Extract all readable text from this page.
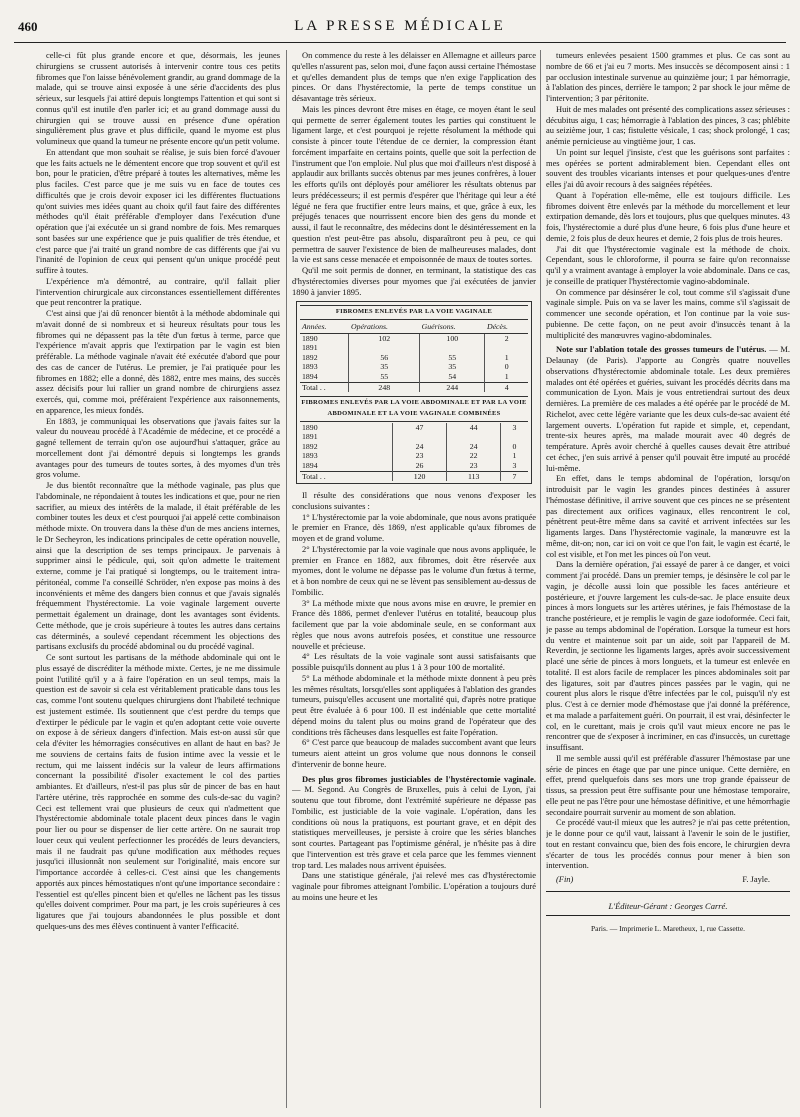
460	LA PRESSE MÉDICALE

celle-ci fût plus grande encore et que, désormais, les jeunes chirurgiens se crussent autorisés à intervenir contre tous ces petits fibromes que l'on laisse bénévolement grandir, au grand dommage de la malade, qui se trouve ainsi exposée à une série d'accidents des plus sérieux, sur lesquels j'ai attiré depuis longtemps l'attention et qui sont si connus qu'il est inutile d'en parler ici; et au grand dommage aussi du chirurgien qui se trouve aussi en présence d'une opération singulièrement plus grave et plus difficile, quand le myome est plus volumineux que quand la tumeur ne présente encore qu'un petit volume.

En attendant que mon souhait se réalise, je suis bien forcé d'avouer que les faits actuels ne le démentent encore que trop souvent et qu'il est bon, pour le praticien, d'être préparé à toutes les alternatives, même les plus faciles. C'est parce que je me suis vu en face de toutes ces difficultés que je crois devoir exposer ici les différentes fluctuations qu'ont suivies mes idées quant au choix qu'il faut faire des différentes méthodes qu'il était préférable d'employer dans l'exécution d'une opération que j'ai exécutée un si grand nombre de fois. Mes remarques sont basées sur une expérience que je puis qualifier de très étendue, et c'est parce que j'ai traité un grand nombre de cas différents que j'ai vu l'inanité de l'opinion de ceux qui pensent qu'un unique procédé peut suffire à toutes.

L'expérience m'a démontré, au contraire, qu'il fallait plier l'intervention chirurgicale aux circonstances essentiellement différentes que peut rencontrer la pratique.

C'est ainsi que j'ai dû renoncer bientôt à la méthode abdominale qui m'avait donné de si nombreux et si heureux résultats pour tous les fibromes qui ne dépassent pas la tête d'un fœtus à terme, parce que l'expérience m'avait appris que l'extirpation par le vagin est bien préférable. La méthode vaginale n'avait été exécutée d'abord que pour des cas de cancer de l'utérus. Le premier, je l'ai pratiquée pour les fibromes en 1882; elle a donné, dès 1882, entre mes mains, des succès assez décisifs pour lui rallier un grand nombre de chirurgiens assez exercés, qui, comme moi, préféraient l'expérience aux raisonnements, en apparence, les mieux fondés.

En 1883, je communiquai les observations que j'avais faites sur la valeur du nouveau procédé à l'Académie de médecine, et ce procédé a gagné tellement de terrain qu'on ose aujourd'hui s'attaquer, grâce au morcellement dont j'ai démontré depuis si longtemps les grands avantages pour des tumeurs de toutes sortes, à des myomes d'un très gros volume.

Je dus bientôt reconnaître que la méthode vaginale, pas plus que l'abdominale, ne répondaient à toutes les indications et que, pour ne rien sacrifier, au mieux des intérêts de la malade, il était préférable de les combiner toutes les deux et c'est pourquoi j'ai appelé cette combinaison méthode mixte. On trouvera dans la thèse d'un de mes anciens internes, le Dr Secheyron, les indications principales de cette opération nouvelle, ainsi que la description de ses temps principaux. Je parvenais à supprimer ainsi le pédicule, qui, soit qu'on admette le traitement externe, comme je l'ai pratiqué si longtemps, ou le traitement intra-péritonéal, comme l'a conseillé Schröder, n'en expose pas moins à des inconvénients et même des dangers bien connus et que j'avais signalés fréquemment l'hystérectomie. La voie vaginale largement ouverte permettait également un drainage, dont les avantages sont évidents. Cette méthode, que je crois supérieure à toutes les autres dans certains cas déterminés, a soulevé cependant récemment les objections des partisans exclusifs du procédé abdominal ou du procédé vaginal.

Ce sont surtout les partisans de la méthode abdominale qui ont le plus essayé de discréditer la méthode mixte. Certes, je ne me dissimule point l'utilité qu'il y a à faire l'opération en un seul temps, mais la question est de savoir si cela est véritablement praticable dans tous les cas, comme l'ont soutenu quelques chirurgiens dont l'habileté technique est justement estimée. Ils soutiennent que c'est perdre du temps que d'extirper le pédicule par le vagin et qu'en adoptant cette voie ouverte on expose à de sérieux dangers d'infection. Mais est-on aussi sûr que cela d'éviter les hémorragies consécutives en allant de haut en bas? Je me souviens de certains faits de fusion intime avec la vessie et le rectum, qui me laissent indécis sur la valeur de leurs affirmations concernant la possibilité d'isoler exactement le col des parties ambiantes. Et d'ailleurs, n'est-il pas plus sûr de pincer de bas en haut l'artère utérine, très rapprochée en somme des culs-de-sac du vagin? Ceci est tellement vrai que plusieurs de ceux qui n'admettent que l'hystérectomie abdominale totale placent deux pinces dans le vagin pour lier ou pour se dispenser de lier cette artère. On ne saurait trop louer ceux qui veulent perfectionner les procédés de leurs devanciers, mais il ne faudrait pas qu'une modification aux méthodes reçues jusqu'ici illusionnât non seulement sur l'originalité, mais encore sur l'importance accordée à celles-ci. C'est ainsi que les changements apportés aux pinces hémostatiques n'ont qu'une importance secondaire : l'essentiel est qu'elles pincent bien et qu'elles ne lâchent pas les tissus qu'elles doivent comprimer. Pour ma part, je les crois supérieures à ces ligatures que j'ai toujours abandonnées le plus possible et dont quelques-uns des mes élèves continuent à vanter l'efficacité.

On commence du reste à les délaisser en Allemagne et ailleurs parce qu'elles n'assurent pas, selon moi, d'une façon aussi certaine l'hémostase et qu'elles demandent plus de temps que n'en exige l'application des pinces. Or dans l'hystérectomie, la perte de temps constitue un désavantage très sérieux.

Mais les pinces devront être mises en étage, ce moyen étant le seul qui permette de serrer également toutes les parties qui constituent le ligament large, et c'est pourquoi je rejette résolument la méthode qui consiste à pincer toute l'étendue de ce dernier, la compression étant forcément imparfaite en certains points, quelle que soit la perfection de l'instrument que l'on emploie. Nul plus que moi d'ailleurs n'est disposé à applaudir aux brillants succès obtenus par mes jeunes confrères, à louer les efforts qu'ils ont déployés pour améliorer les résultats obtenus par leurs prédécesseurs; il est permis d'espérer que l'héritage qui leur a été légué ne fera que fructifier entre leurs mains, et que, grâce à eux, les préjugés tenaces que nourrissent encore bien des gens du monde et aussi, il faut le reconnaître, des médecins dont le désintéressement en la question n'est peut-être pas absolu, disparaîtront peu à peu, ce qui permettra de sauver l'existence de bien de malheureuses malades, dont la vie est sans cesse menacée et empoisonnée de maux de toutes sortes.

Qu'il me soit permis de donner, en terminant, la statistique des cas d'hystérectomies diverses pour myomes que j'ai exécutées de janvier 1890 à janvier 1895.

FIBROMES ENLEVÉS PAR LA VOIE VAGINALE
Années.	Opérations.	Guérisons.	Décès.
1890	102	100	2
1891			
1892	56	55	1
1893	35	35	0
1894	55	54	1
Total . .	248	244	4
FIBROMES ENLEVÉS PAR LA VOIE ABDOMINALE ET PAR LA VOIE ABDOMINALE ET LA VOIE VAGINALE COMBINÉES
1890	47	44	3
1891			
1892	24	24	0
1893	23	22	1
1894	26	23	3
Total . .	120	113	7

Il résulte des considérations que nous venons d'exposer les conclusions suivantes :

1° L'hystérectomie par la voie abdominale, que nous avons pratiquée le premier en France, dès 1869, n'est applicable qu'aux fibromes de moyen et de grand volume.

2° L'hystérectomie par la voie vaginale que nous avons appliquée, le premier en France en 1882, aux fibromes, doit être réservée aux myomes, dont le volume ne dépasse pas le volume d'un fœtus à terme, et à bon nombre de ceux qui ne se lèvent pas sensiblement au-dessus de l'ombilic.

3° La méthode mixte que nous avons mise en œuvre, le premier en France dès 1886, permet d'enlever l'utérus en totalité, beaucoup plus facilement que par la voie abdominale seule, en se conformant aux règles que nous avons autrefois posées, et constitue une ressource nouvelle et précieuse.

4° Les résultats de la voie vaginale sont aussi satisfaisants que possible puisqu'ils donnent au plus 1 à 3 pour 100 de mortalité.

5° La méthode abdominale et la méthode mixte donnent à peu près les mêmes résultats, lorsqu'elles sont appliquées à l'ablation des grandes tumeurs, puisqu'elles accusent une mortalité qui, d'après notre pratique peut être évaluée à 6 pour 100. Il est indéniable que cette mortalité dépend moins du talent plus ou moins grand de l'opérateur que des conditions très fâcheuses dans lesquelles est faite l'opération.

6° C'est parce que beaucoup de malades succombent avant que leurs tumeurs aient atteint un gros volume que nous donnons le conseil d'intervenir de bonne heure.

Des plus gros fibromes justiciables de l'hystérectomie vaginale. — M. Segond. Au Congrès de Bruxelles, puis à celui de Lyon, j'ai soutenu que tout fibrome, dont l'extrémité supérieure ne dépasse pas l'ombilic, est justiciable de la voie vaginale. L'opération, dans les conditions où nous la pratiquons, est pourtant grave, et en dépit des statistiques merveilleuses, je persiste à croire que les séries blanches sont courtes. Partageant pas l'optimisme général, je n'hésite pas à dire que l'intervention est très grave et cela parce que les femmes viennent trop tard. Les malades nous arrivent épuisées.

Dans une statistique générale, j'ai relevé mes cas d'hystérectomie vaginale pour fibromes atteignant l'ombilic. L'opération a toujours duré au moins une heure et les

tumeurs enlevées pesaient 1500 grammes et plus. Ce cas sont au nombre de 66 et j'ai eu 7 morts. Mes insuccès se décomposent ainsi : 1 par occlusion intestinale survenue au quinzième jour; 1 par hémorragie, à l'ablation des pinces, derrière le tampon; 2 par shock le jour même de l'intervention; 3 par péritonite.

Huit de mes malades ont présenté des complications assez sérieuses : décubitus aigu, 1 cas; hémorragie à l'ablation des pinces, 3 cas; phlébite au seizième jour, 1 cas; fistulette vésicale, 1 cas; shock prolongé, 1 cas; anémie pernicieuse au vingtième jour, 1 cas.

Un point sur lequel j'insiste, c'est que les guérisons sont parfaites : mes opérées se portent admirablement bien. Cependant elles ont souvent des troubles vicariants intenses et pour quelques-unes d'entre elles j'ai dû avoir recours à des saignées répétées.

Quant à l'opération elle-même, elle est toujours difficile. Les fibromes doivent être enlevés par la méthode du morcellement et leur extirpation demande, dès lors et toujours, plus que quelques minutes. 43 fois, l'hystérectomie a duré plus d'une heure, 6 fois plus d'une heure et demie, 2 fois plus de deux heures et demie, 2 fois plus de trois heures.

J'ai dit que l'hystérectomie vaginale est la méthode de choix. Cependant, sous le chloroforme, il pourra se faire qu'on reconnaisse qu'il y a vraiment avantage à employer la voie abdominale. Dans ce cas, je conseille de pratiquer l'hystérectomie vagino-abdominale.

On commence par désinsérer le col, tout comme s'il s'agissait d'une vaginale simple. Puis on va se laver les mains, comme s'il s'agissait de commencer une seconde opération, et l'on continue par la voie sus-pubienne. De cette façon, on ne peut avoir d'insuccès tenant à la multiplicité des manœuvres vagino-abdominales.

Note sur l'ablation totale des grosses tumeurs de l'utérus. — M. Delaunay (de Paris). J'apporte au Congrès quatre nouvelles observations d'hystérectomie abdominale totale. Les deux premières malades ont été opérées et guéries, suivant les procédés décrits dans ma communication de Lyon. Mais je vous entretiendrai surtout des deux dernières. La première de ces malades a été opérée par le procédé de M. Richelot, avec cette légère variante que les deux culs-de-sac avaient été largement ouverts. L'opération fut rapide et simple, et, cependant, trente-six heures après, ma malade mourait avec 40 degrés de température. Après avoir cherché à quelles causes devait être attribué cet échec, j'en suis arrivé à penser qu'il pouvait être imputé au procédé lui-même.

En effet, dans le temps abdominal de l'opération, lorsqu'on introduisit par le vagin les grandes pinces destinées à assurer l'hémostase définitive, il arrive souvent que ces pinces ne se présentent pas directement aux orifices vaginaux, elles rencontrent le col, pénètrent peut-être même dans sa cavité et arrivent infectées sur les ligaments larges. Dans l'hystérectomie vaginale, la manœuvre est la même, dit-on; non, car ici on voit ce que l'on fait, le vagin est écarté, le col est visible, et l'on met les pinces où l'on veut.

Dans la dernière opération, j'ai essayé de parer à ce danger, et voici comment j'ai procédé. Dans un premier temps, je désinsère le col par le vagin, je décolle aussi loin que possible les faces antérieure et postérieure, et j'ouvre largement les culs-de-sac. Je place ensuite deux pinces à mors longuets sur les artères utérines, je fais l'hémostase de la tranche postérieure, et je remplis le vagin de gaze iodoformée. Ceci fait, je passe au temps abdominal de l'opération. Lorsque la tumeur est hors du ventre et maintenue soit par un aide, soit par l'appareil de M. Reverdin, je sectionne les ligaments larges, après avoir successivement placé une série de pinces à mors longuets, et la tumeur est enlevée en totalité. Il est alors facile de remplacer les pinces abdominales soit par des ligatures, soit par d'autres pinces passées par le vagin, qui ne courent plus alors le risque d'être infectées par le col, puisqu'il n'y est plus. C'est à ce dernier mode d'hémostase que j'ai donné la préférence, et ma malade a parfaitement guéri. On pourrait, il est vrai, désinfecter le col, en le curettant, mais je crois qu'il vaut mieux encore ne pas le rencontrer que de s'exposer à incriminer, en cas d'insuccès, un curettage insuffisant.

Il me semble aussi qu'il est préférable d'assurer l'hémostase par une série de pinces en étage que par une pince unique. Cette dernière, en effet, prend quelquefois dans ses mors une trop grande épaisseur de tissus, sa pression peut être suffisante pour une hémostase temporaire, elle peut ne pas l'être pour une hémostase définitive, et une hémorrhagie secondaire pourrait survenir au moment de son ablation.

Ce procédé vaut-il mieux que les autres? je n'ai pas cette prétention, je le donne pour ce qu'il vaut, laissant à l'avenir le soin de le justifier, tout en restant convaincu que, bien des fois encore, le chirurgien devra s'écarter de tous les procédés connus pour mener à bien son intervention.

(Fin)	F. Jayle.
L'Éditeur-Gérant : Georges Carré.
Paris. — Imprimerie L. Maretheux, 1, rue Cassette.
